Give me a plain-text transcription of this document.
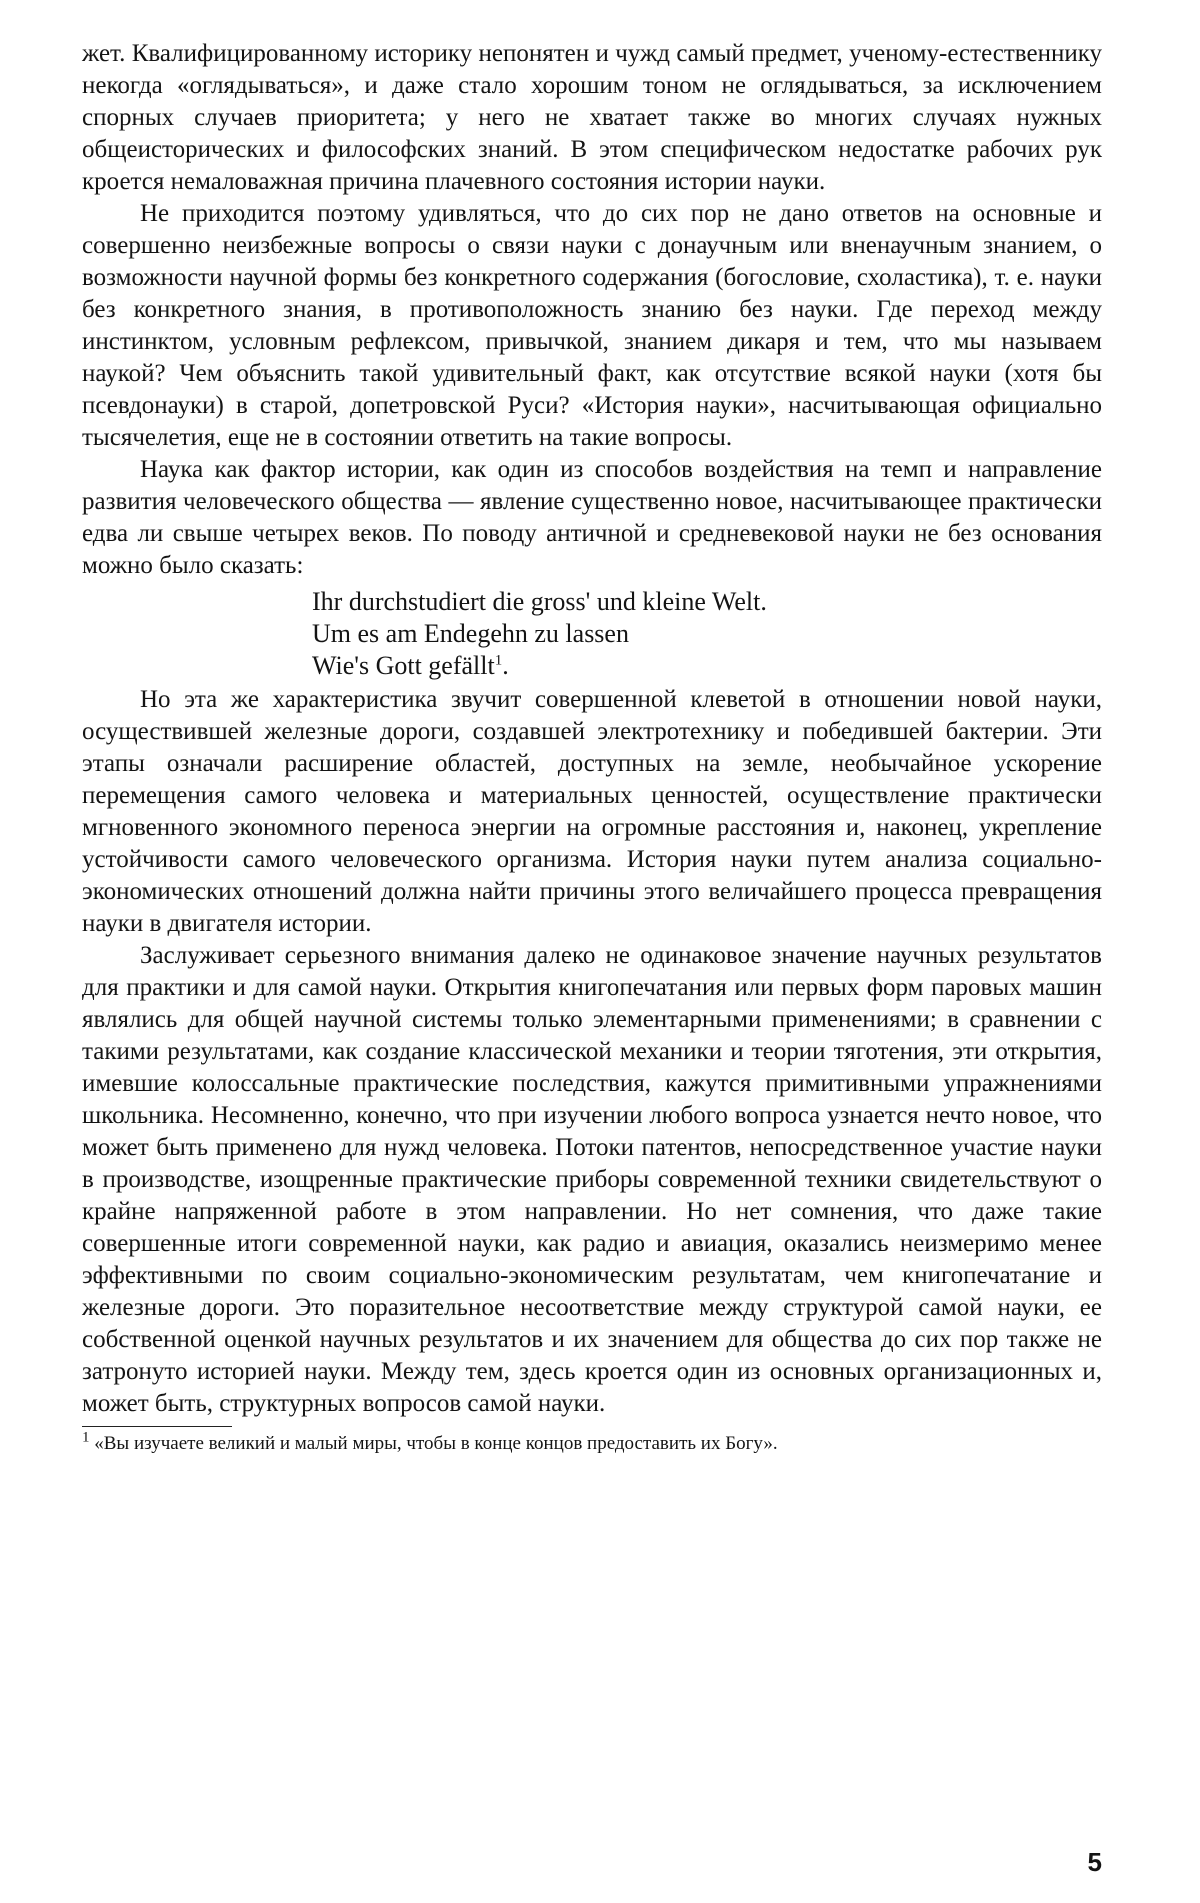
жет. Квалифицированному историку непонятен и чужд самый предмет, ученому-естественнику некогда «оглядываться», и даже стало хорошим тоном не оглядываться, за исключением спорных случаев приоритета; у него не хватает также во многих случаях нужных общеисторических и философских знаний. В этом специфическом недостатке рабочих рук кроется немаловажная причина плачевного состояния истории науки.

Не приходится поэтому удивляться, что до сих пор не дано ответов на основные и совершенно неизбежные вопросы о связи науки с донаучным или вненаучным знанием, о возможности научной формы без конкретного содержания (богословие, схоластика), т. е. науки без конкретного знания, в противоположность знанию без науки. Где переход между инстинктом, условным рефлексом, привычкой, знанием дикаря и тем, что мы называем наукой? Чем объяснить такой удивительный факт, как отсутствие всякой науки (хотя бы псевдонауки) в старой, допетровской Руси? «История науки», насчитывающая официально тысячелетия, еще не в состоянии ответить на такие вопросы.

Наука как фактор истории, как один из способов воздействия на темп и направление развития человеческого общества — явление существенно новое, насчитывающее практически едва ли свыше четырех веков. По поводу античной и средневековой науки не без основания можно было сказать:

Ihr durchstudiert die gross' und kleine Welt.
Um es am Endegehn zu lassen
Wie's Gott gefällt$^1$.

Но эта же характеристика звучит совершенной клеветой в отношении новой науки, осуществившей железные дороги, создавшей электротехнику и победившей бактерии. Эти этапы означали расширение областей, доступных на земле, необычайное ускорение перемещения самого человека и материальных ценностей, осуществление практически мгновенного экономного переноса энергии на огромные расстояния и, наконец, укрепление устойчивости самого человеческого организма. История науки путем анализа социально-экономических отношений должна найти причины этого величайшего процесса превращения науки в двигателя истории.

Заслуживает серьезного внимания далеко не одинаковое значение научных результатов для практики и для самой науки. Открытия книгопечатания или первых форм паровых машин являлись для общей научной системы только элементарными применениями; в сравнении с такими результатами, как создание классической механики и теории тяготения, эти открытия, имевшие колоссальные практические последствия, кажутся примитивными упражнениями школьника. Несомненно, конечно, что при изучении любого вопроса узнается нечто новое, что может быть применено для нужд человека. Потоки патентов, непосредственное участие науки в производстве, изощренные практические приборы современной техники свидетельствуют о крайне напряженной работе в этом направлении. Но нет сомнения, что даже такие совершенные итоги современной науки, как радио и авиация, оказались неизмеримо менее эффективными по своим социально-экономическим результатам, чем книгопечатание и железные дороги. Это поразительное несоответствие между структурой самой науки, ее собственной оценкой научных результатов и их значением для общества до сих пор также не затронуто историей науки. Между тем, здесь кроется один из основных организационных и, может быть, структурных вопросов самой науки.

$^1$ «Вы изучаете великий и малый миры, чтобы в конце концов предоставить их Богу».

5
